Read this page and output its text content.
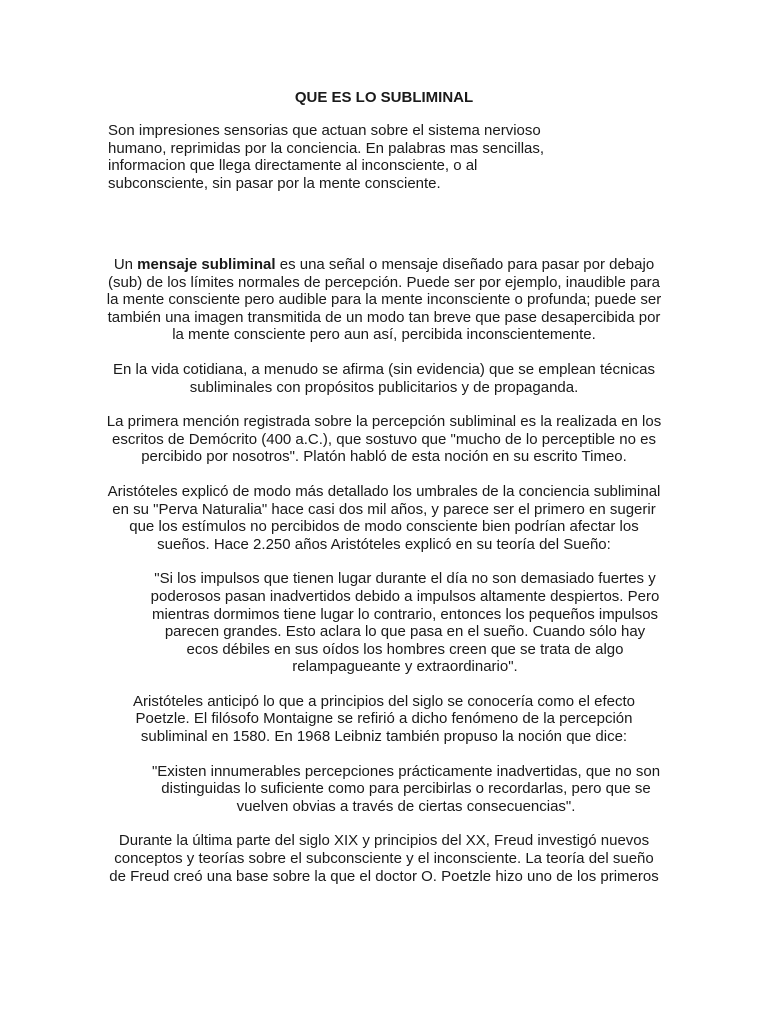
QUE ES LO SUBLIMINAL

Son impresiones sensorias que actuan sobre el sistema nervioso humano, reprimidas por la conciencia. En palabras mas sencillas, informacion que llega directamente al inconsciente, o al subconsciente, sin pasar por la mente consciente.

Un mensaje subliminal es una señal o mensaje diseñado para pasar por debajo (sub) de los límites normales de percepción. Puede ser por ejemplo, inaudible para la mente consciente pero audible para la mente inconsciente o profunda; puede ser también una imagen transmitida de un modo tan breve que pase desapercibida por la mente consciente pero aun así, percibida inconscientemente.

En la vida cotidiana, a menudo se afirma (sin evidencia) que se emplean técnicas subliminales con propósitos publicitarios y de propaganda.

La primera mención registrada sobre la percepción subliminal es la realizada en los escritos de Demócrito (400 a.C.), que sostuvo que "mucho de lo perceptible no es percibido por nosotros". Platón habló de esta noción en su escrito Timeo.

Aristóteles explicó de modo más detallado los umbrales de la conciencia subliminal en su "Perva Naturalia" hace casi dos mil años, y parece ser el primero en sugerir que los estímulos no percibidos de modo consciente bien podrían afectar los sueños. Hace 2.250 años Aristóteles explicó en su teoría del Sueño:

"Si los impulsos que tienen lugar durante el día no son demasiado fuertes y poderosos pasan inadvertidos debido a impulsos altamente despiertos. Pero mientras dormimos tiene lugar lo contrario, entonces los pequeños impulsos parecen grandes. Esto aclara lo que pasa en el sueño. Cuando sólo hay ecos débiles en sus oídos los hombres creen que se trata de algo relampagueante y extraordinario".

Aristóteles anticipó lo que a principios del siglo se conocería como el efecto Poetzle. El filósofo Montaigne se refirió a dicho fenómeno de la percepción subliminal en 1580. En 1968 Leibniz también propuso la noción que dice:

"Existen innumerables percepciones prácticamente inadvertidas, que no son distinguidas lo suficiente como para percibirlas o recordarlas, pero que se vuelven obvias a través de ciertas consecuencias".

Durante la última parte del siglo XIX y principios del XX, Freud investigó nuevos conceptos y teorías sobre el subconsciente y el inconsciente. La teoría del sueño de Freud creó una base sobre la que el doctor O. Poetzle hizo uno de los primeros
